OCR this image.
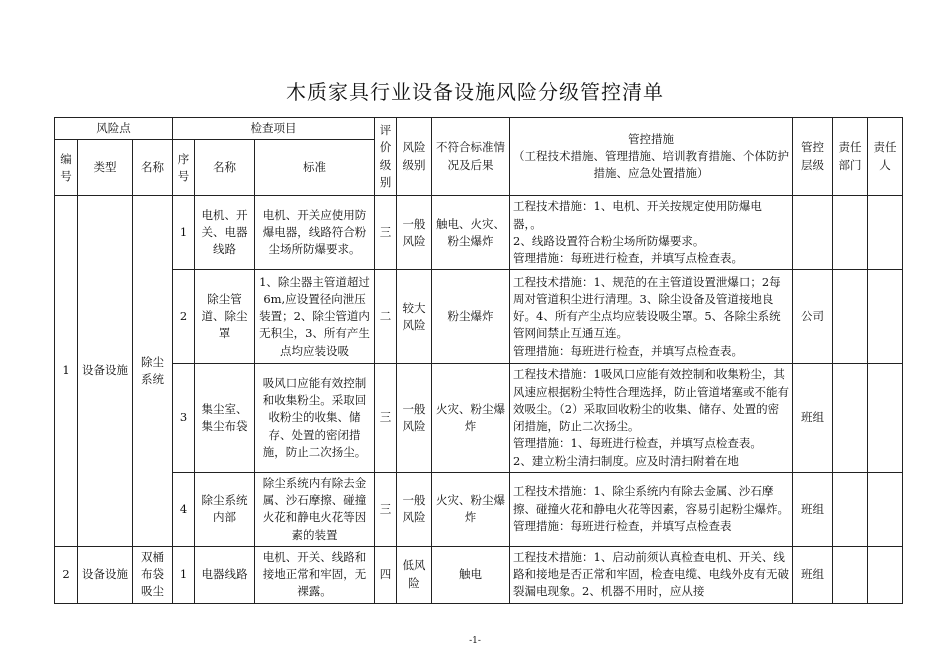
木质家具行业设备设施风险分级管控清单
风险点			检查项目			评价级别	风险级别	不符合标准情况及后果	管控措施
（工程技术措施、管理措施、培训教育措施、个体防护措施、应急处置措施）	管控层级	责任部门	责任人
编号	类型	名称	序号	名称	标准							
1	设备设施	除尘系统	1	电机、开关、电器线路	电机、开关应使用防爆电器，线路符合粉尘场所防爆要求。	三	一般风险	触电、火灾、粉尘爆炸	工程技术措施：1、电机、开关按规定使用防爆电器，。
2、线路设置符合粉尘场所防爆要求。
管理措施：每班进行检查，并填写点检查表。			
			2	除尘管道、除尘罩	1、除尘器主管道超过6m,应设置径向泄压装置；2、除尘管道内无积尘，3、所有产生点均应装设吸	二	较大风险	粉尘爆炸	工程技术措施：1、规范的在主管道设置泄爆口；2每周对管道积尘进行清理。3、除尘设备及管道接地良好。4、所有产尘点均应装设吸尘罩。5、各除尘系统管网间禁止互通互连。
管理措施：每班进行检查，并填写点检查表。	公司		
			3	集尘室、集尘布袋	吸风口应能有效控制和收集粉尘。采取回收粉尘的收集、储存、处置的密闭措施，防止二次扬尘。	三	一般风险	火灾、粉尘爆炸	工程技术措施：1吸风口应能有效控制和收集粉尘，其风速应根据粉尘特性合理选择，防止管道堵塞或不能有效吸尘。（2）采取回收粉尘的收集、储存、处置的密闭措施，防止二次扬尘。
管理措施：1、每班进行检查，并填写点检查表。
2、建立粉尘清扫制度。应及时清扫附着在地	班组		
			4	除尘系统内部	除尘系统内有除去金属、沙石摩擦、碰撞火花和静电火花等因素的装置	三	一般风险	火灾、粉尘爆炸	工程技术措施：1、除尘系统内有除去金属、沙石摩擦、碰撞火花和静电火花等因素，容易引起粉尘爆炸。
管理措施：每班进行检查，并填写点检查表	班组		
2	设备设施	双桶布袋吸尘	1	电器线路	电机、开关、线路和接地正常和牢固，无裸露。	四	低风险	触电	工程技术措施：1、启动前须认真检查电机、开关、线路和接地是否正常和牢固，检查电缆、电线外皮有无破裂漏电现象。2、机器不用时，应从接	班组		
-1-
